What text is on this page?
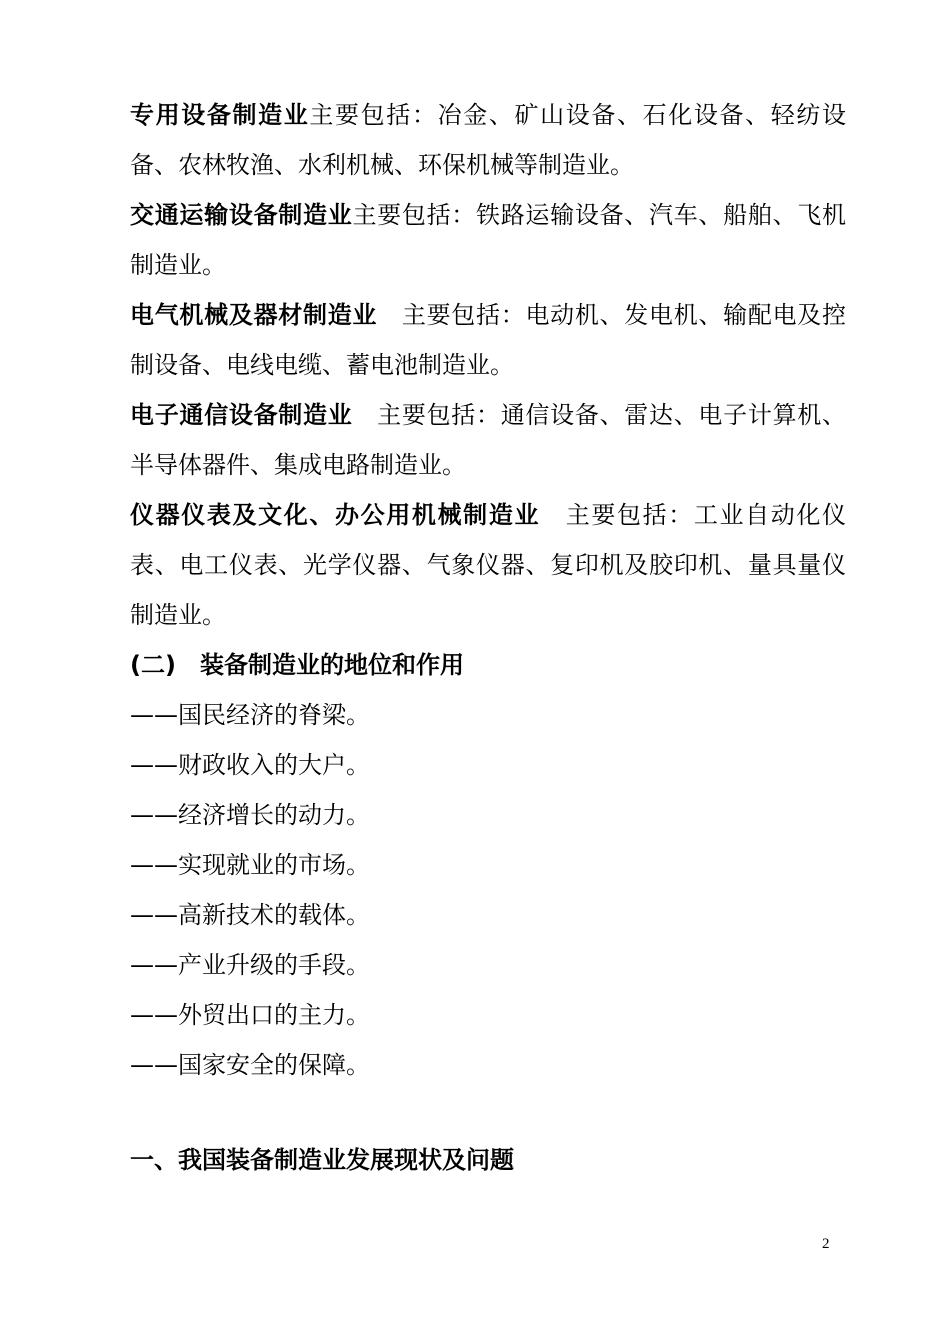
专用设备制造业主要包括：冶金、矿山设备、石化设备、轻纺设备、农林牧渔、水利机械、环保机械等制造业。

交通运输设备制造业主要包括：铁路运输设备、汽车、船舶、飞机制造业。

电气机械及器材制造业 主要包括：电动机、发电机、输配电及控制设备、电线电缆、蓄电池制造业。

电子通信设备制造业 主要包括：通信设备、雷达、电子计算机、半导体器件、集成电路制造业。

仪器仪表及文化、办公用机械制造业 主要包括：工业自动化仪表、电工仪表、光学仪器、气象仪器、复印机及胶印机、量具量仪制造业。

(二) 装备制造业的地位和作用

——国民经济的脊梁。

——财政收入的大户。

——经济增长的动力。

——实现就业的市场。

——高新技术的载体。

——产业升级的手段。

——外贸出口的主力。

——国家安全的保障。

一、我国装备制造业发展现状及问题

2
